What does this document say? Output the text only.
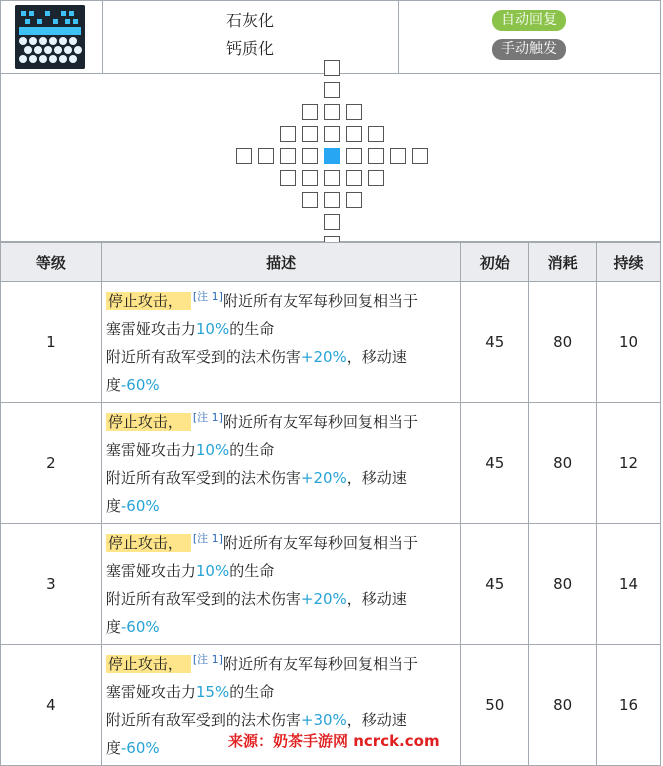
石灰化
钙质化
自动回复
手动触发
等级	描述	初始	消耗	持续
1	停止攻击， [注 1]附近所有友军每秒回复相当于
塞雷娅攻击力10%的生命
附近所有敌军受到的法术伤害+20%，移动速
度-60%	45	80	10
2	停止攻击， [注 1]附近所有友军每秒回复相当于
塞雷娅攻击力10%的生命
附近所有敌军受到的法术伤害+20%，移动速
度-60%	45	80	12
3	停止攻击， [注 1]附近所有友军每秒回复相当于
塞雷娅攻击力10%的生命
附近所有敌军受到的法术伤害+20%，移动速
度-60%	45	80	14
4	停止攻击， [注 1]附近所有友军每秒回复相当于
塞雷娅攻击力15%的生命
附近所有敌军受到的法术伤害+30%，移动速
度-60%	50	80	16
来源：奶茶手游网 ncrck.com
